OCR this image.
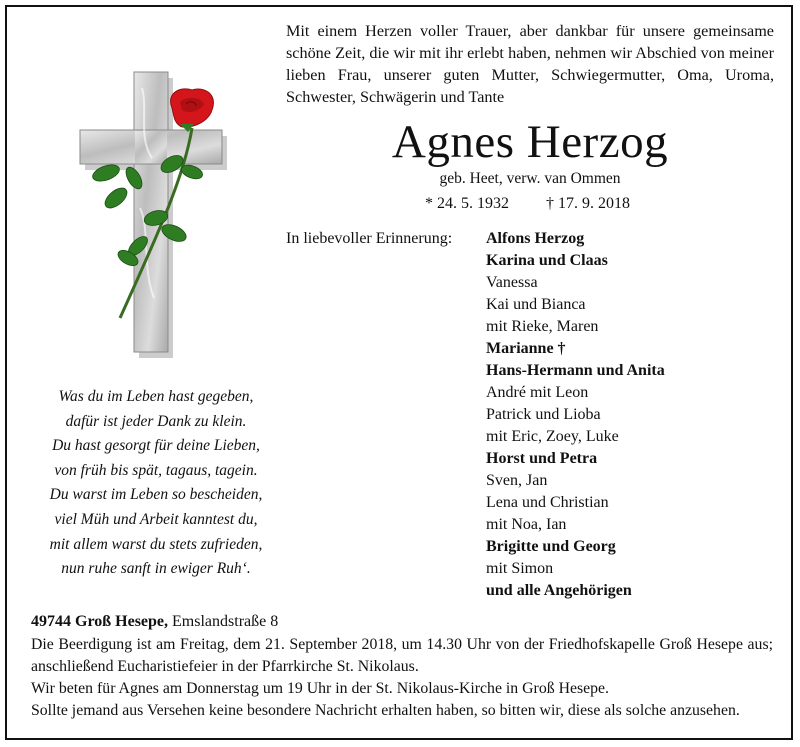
Mit einem Herzen voller Trauer, aber dankbar für unsere gemeinsame schöne Zeit, die wir mit ihr erlebt haben, nehmen wir Abschied von meiner lieben Frau, unserer guten Mutter, Schwiegermutter, Oma, Uroma, Schwester, Schwägerin und Tante
Agnes Herzog
geb. Heet, verw. van Ommen
* 24. 5. 1932 † 17. 9. 2018
In liebevoller Erinnerung: Alfons Herzog
Karina und Claas
Vanessa
Kai und Bianca
mit Rieke, Maren
Marianne †
Hans-Hermann und Anita
André mit Leon
Patrick und Lioba
mit Eric, Zoey, Luke
Horst und Petra
Sven, Jan
Lena und Christian
mit Noa, Ian
Brigitte und Georg
mit Simon
und alle Angehörigen
Was du im Leben hast gegeben,
dafür ist jeder Dank zu klein.
Du hast gesorgt für deine Lieben,
von früh bis spät, tagaus, tagein.
Du warst im Leben so bescheiden,
viel Müh und Arbeit kanntest du,
mit allem warst du stets zufrieden,
nun ruhe sanft in ewiger Ruh‘.
49744 Groß Hesepe, Emslandstraße 8

Die Beerdigung ist am Freitag, dem 21. September 2018, um 14.30 Uhr von der Friedhofskapelle Groß Hesepe aus; anschließend Eucharistiefeier in der Pfarrkirche St. Nikolaus.

Wir beten für Agnes am Donnerstag um 19 Uhr in der St. Nikolaus-Kirche in Groß Hesepe.

Sollte jemand aus Versehen keine besondere Nachricht erhalten haben, so bitten wir, diese als solche anzusehen.
